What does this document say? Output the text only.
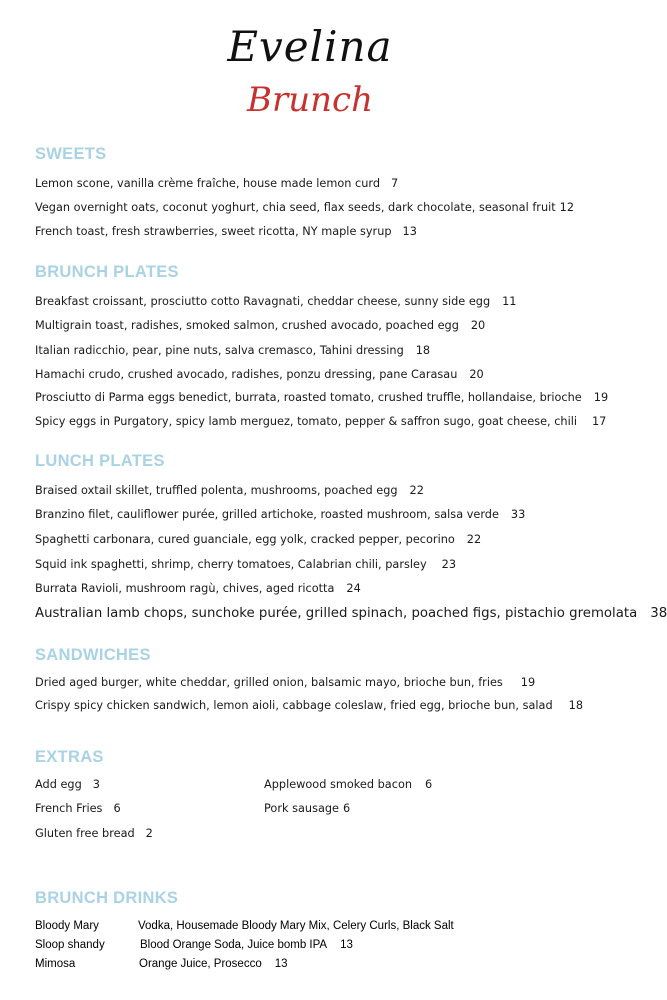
Evelina
Brunch
SWEETS
Lemon scone, vanilla crème fraîche, house made lemon curd 7
Vegan overnight oats, coconut yoghurt, chia seed, flax seeds, dark chocolate, seasonal fruit 12
French toast, fresh strawberries, sweet ricotta, NY maple syrup 13
BRUNCH PLATES
Breakfast croissant, prosciutto cotto Ravagnati, cheddar cheese, sunny side egg 11
Multigrain toast, radishes, smoked salmon, crushed avocado, poached egg 20
Italian radicchio, pear, pine nuts, salva cremasco, Tahini dressing 18
Hamachi crudo, crushed avocado, radishes, ponzu dressing, pane Carasau 20
Prosciutto di Parma eggs benedict, burrata, roasted tomato, crushed truffle, hollandaise, brioche 19
Spicy eggs in Purgatory, spicy lamb merguez, tomato, pepper & saffron sugo, goat cheese, chili 17
LUNCH PLATES
Braised oxtail skillet, truffled polenta, mushrooms, poached egg 22
Branzino filet, cauliflower purée, grilled artichoke, roasted mushroom, salsa verde 33
Spaghetti carbonara, cured guanciale, egg yolk, cracked pepper, pecorino 22
Squid ink spaghetti, shrimp, cherry tomatoes, Calabrian chili, parsley 23
Burrata Ravioli, mushroom ragù, chives, aged ricotta 24
Australian lamb chops, sunchoke purée, grilled spinach, poached figs, pistachio gremolata 38
SANDWICHES
Dried aged burger, white cheddar, grilled onion, balsamic mayo, brioche bun, fries 19
Crispy spicy chicken sandwich, lemon aioli, cabbage coleslaw, fried egg, brioche bun, salad 18
EXTRAS
Add egg 3	Applewood smoked bacon 6
French Fries 6	Pork sausage 6
Gluten free bread 2
BRUNCH DRINKS
Bloody Mary	Vodka, Housemade Bloody Mary Mix, Celery Curls, Black Salt
Sloop shandy	Blood Orange Soda, Juice bomb IPA 13
Mimosa	Orange Juice, Prosecco 13
